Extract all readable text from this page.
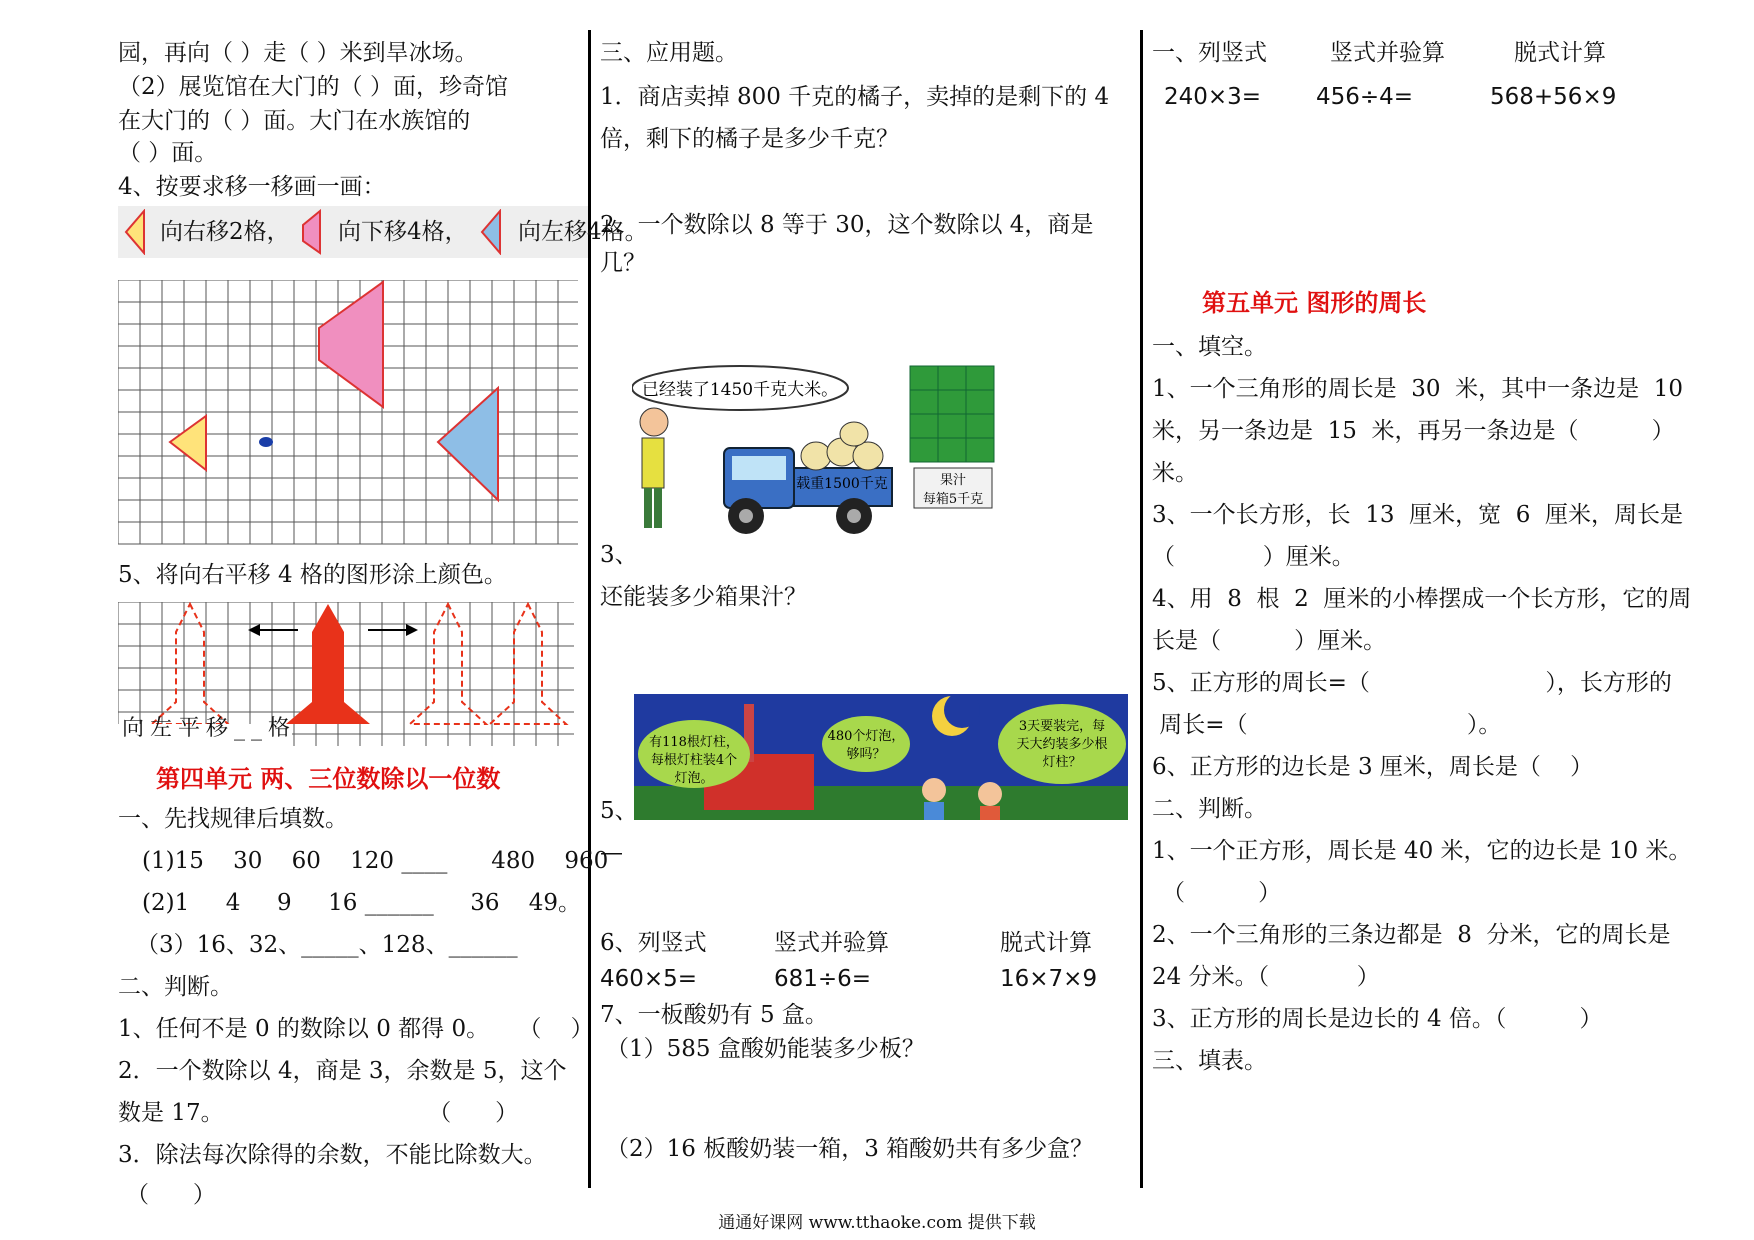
园，再向（ ）走（ ）米到旱冰场。
（2）展览馆在大门的（ ）面，珍奇馆
在大门的（ ）面。大门在水族馆的
（ ）面。
4、按要求移一移画一画：
向右移2格， 向下移4格， 向左移4格。
5、将向右平移 4 格的图形涂上颜色。
向左平移__格
第四单元 两、三位数除以一位数
一、先找规律后填数。
(1)15    30    60    120 ____      480    960
(2)1     4     9     16 ______     36    49。
（3）16、32、_____、128、______
二、判断。
1、任何不是 0 的数除以 0 都得 0。    （    ）
2．一个数除以 4，商是 3，余数是 5，这个
数是 17。                            （      ）
3．除法每次除得的余数，不能比除数大。
（      ）
三、应用题。
1．商店卖掉 800 千克的橘子，卖掉的是剩下的 4
倍，剩下的橘子是多少千克？
2．一个数除以 8 等于 30，这个数除以 4，商是
几？
已经装了1450千克大米。
载重1500千克	果汁
每箱5千克
3、
还能装多少箱果汁？
有118根灯柱，
每根灯柱装4个
灯泡。
480个灯泡，
够吗？
3天要装完，每
天大约装多少根
灯柱？
5、
—
6、列竖式	竖式并验算	脱式计算
460×5=	681÷6=	16×7×9
7、一板酸奶有 5 盒。
（1）585 盒酸奶能装多少板？
（2）16 板酸奶装一箱，3 箱酸奶共有多少盒？
一、列竖式	竖式并验算	脱式计算
240×3= 456÷4=	568+56×9
第五单元 图形的周长
一、填空。
1、一个三角形的周长是  30  米，其中一条边是  10
米，另一条边是  15  米，再另一条边是（          ）
米。
3、一个长方形，长  13  厘米，宽  6  厘米，周长是
（            ）厘米。
4、用  8  根  2  厘米的小棒摆成一个长方形，它的周
长是（          ）厘米。
5、正方形的周长=（                        ），长方形的
周长=（                              ）。
6、正方形的边长是 3 厘米，周长是（    ）
二、判断。
1、一个正方形，周长是 40 米，它的边长是 10 米。
（          ）
2、一个三角形的三条边都是  8  分米，它的周长是
24 分米。（            ）
3、正方形的周长是边长的 4 倍。（          ）
三、填表。
通通好课网 www.tthaoke.com 提供下载
